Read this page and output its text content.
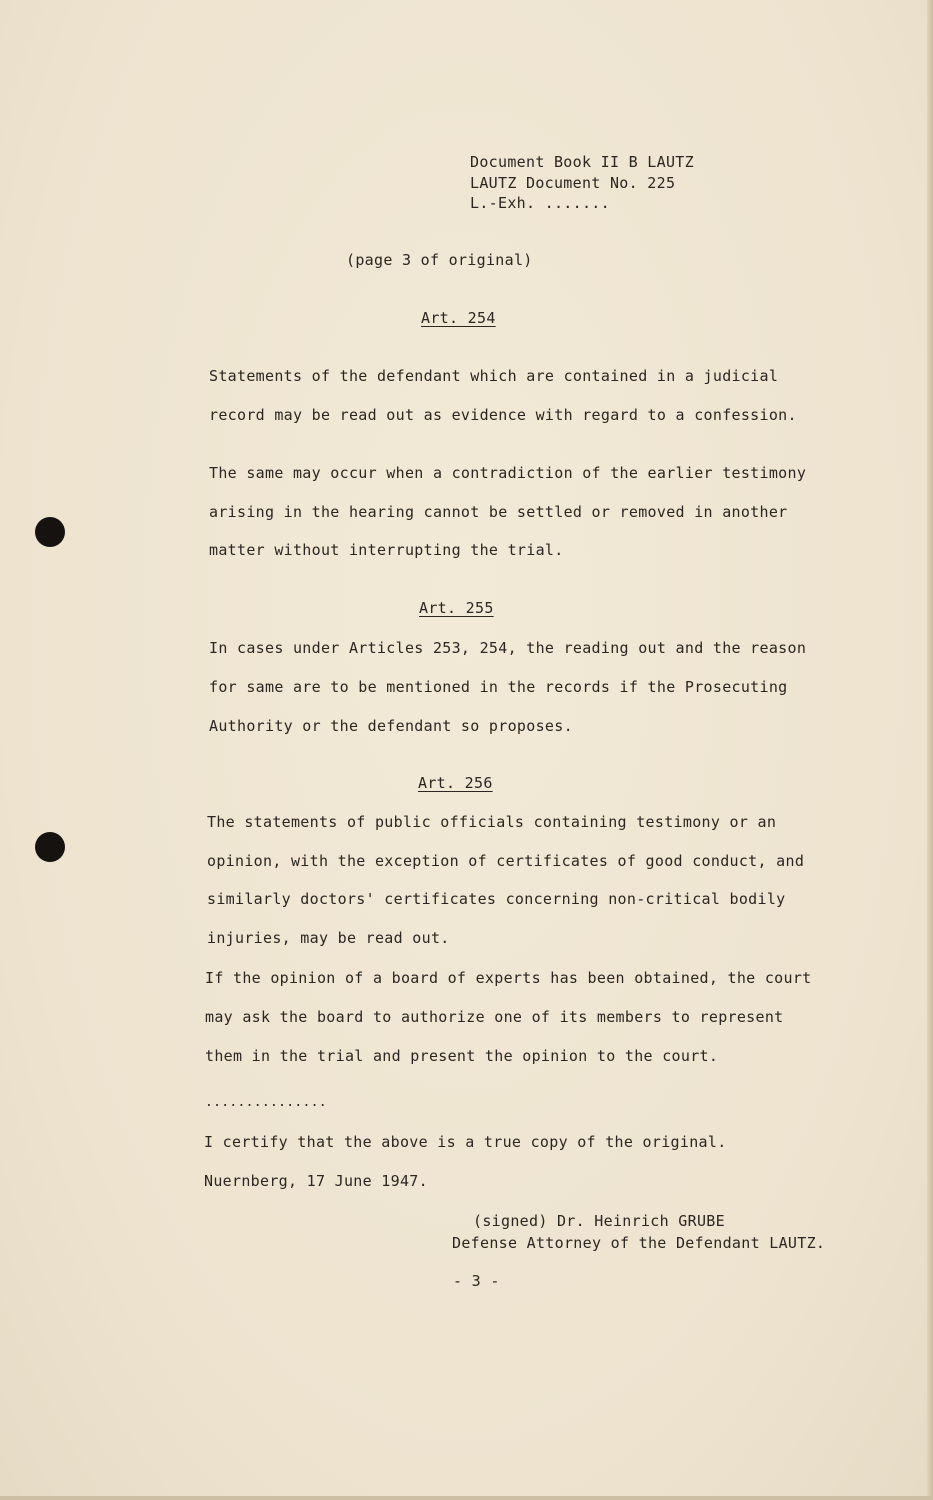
Document Book II B LAUTZ
LAUTZ Document No. 225
L.-Exh. .......
(page 3 of original)
Art. 254
Statements of the defendant which are contained in a judicial
record may be read out as evidence with regard to a confession.
The same may occur when a contradiction of the earlier testimony
arising in the hearing cannot be settled or removed in another
matter without interrupting the trial.
Art. 255
In cases under Articles 253, 254, the reading out and the reason
for same are to be mentioned in the records if the Prosecuting
Authority or the defendant so proposes.
Art. 256
The statements of public officials containing testimony or an
opinion, with the exception of certificates of good conduct, and
similarly doctors' certificates concerning non-critical bodily
injuries, may be read out.
If the opinion of a board of experts has been obtained, the court
may ask the board to authorize one of its members to represent
them in the trial and present the opinion to the court.
...............
I certify that the above is a true copy of the original.
Nuernberg, 17 June 1947.
(signed) Dr. Heinrich GRUBE
Defense Attorney of the Defendant LAUTZ.
- 3 -
